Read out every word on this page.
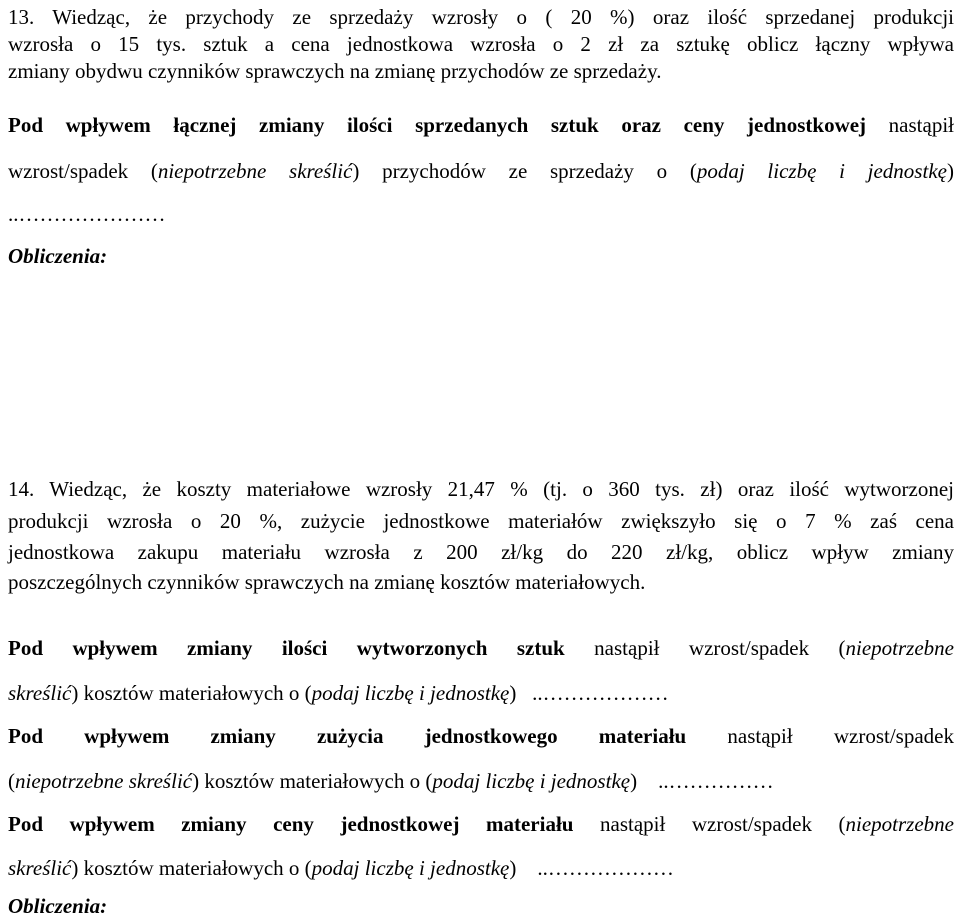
13. Wiedząc, że przychody ze sprzedaży wzrosły o ( 20 %) oraz ilość sprzedanej produkcji
wzrosła o 15 tys. sztuk a cena jednostkowa wzrosła o 2 zł za sztukę oblicz łączny wpływa
zmiany obydwu czynników sprawczych na zmianę przychodów ze sprzedaży.
Pod wpływem łącznej zmiany ilości sprzedanych sztuk oraz ceny jednostkowej nastąpił
wzrost/spadek (niepotrzebne skreślić) przychodów ze sprzedaży o (podaj liczbę i jednostkę)
..…………………
Obliczenia:
14. Wiedząc, że koszty materiałowe wzrosły 21,47 % (tj. o 360 tys. zł) oraz ilość wytworzonej
produkcji wzrosła o 20 %, zużycie jednostkowe materiałów zwiększyło się o 7 % zaś cena
jednostkowa zakupu materiału wzrosła z 200 zł/kg do 220 zł/kg, oblicz wpływ zmiany
poszczególnych czynników sprawczych na zmianę kosztów materiałowych.
Pod wpływem zmiany ilości wytworzonych sztuk nastąpił wzrost/spadek (niepotrzebne
skreślić) kosztów materiałowych o (podaj liczbę i jednostkę) ..………………
Pod wpływem zmiany zużycia jednostkowego materiału nastąpił wzrost/spadek
(niepotrzebne skreślić) kosztów materiałowych o (podaj liczbę i jednostkę) ..……………
Pod wpływem zmiany ceny jednostkowej materiału nastąpił wzrost/spadek (niepotrzebne
skreślić) kosztów materiałowych o (podaj liczbę i jednostkę) ..………………
Obliczenia:
